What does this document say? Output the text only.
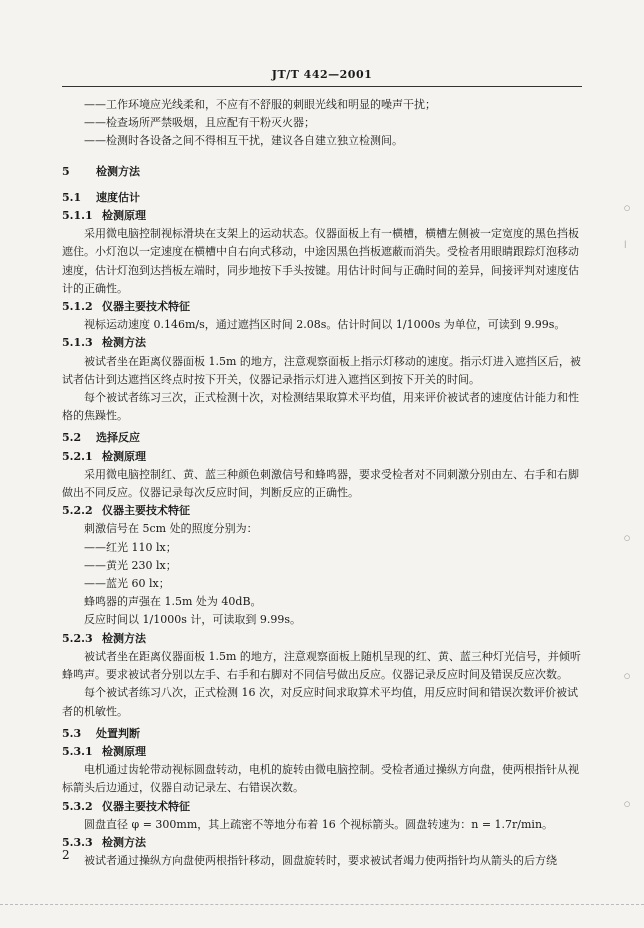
JT/T 442—2001

——工作环境应光线柔和，不应有不舒服的刺眼光线和明显的噪声干扰；

——检查场所严禁吸烟，且应配有干粉灭火器；

——检测时各设备之间不得相互干扰，建议各自建立独立检测间。

5 检测方法

5.1 速度估计

5.1.1 检测原理

采用微电脑控制视标滑块在支架上的运动状态。仪器面板上有一横槽，横槽左侧被一定宽度的黑色挡板遮住。小灯泡以一定速度在横槽中自右向式移动，中途因黑色挡板遮蔽而消失。受检者用眼睛跟踪灯泡移动速度，估计灯泡到达挡板左端时，同步地按下手头按键。用估计时间与正确时间的差异，间接评判对速度估计的正确性。

5.1.2 仪器主要技术特征

视标运动速度 0.146m/s，通过遮挡区时间 2.08s。估计时间以 1/1000s 为单位，可读到 9.99s。

5.1.3 检测方法

被试者坐在距离仪器面板 1.5m 的地方，注意观察面板上指示灯移动的速度。指示灯进入遮挡区后，被试者估计到达遮挡区终点时按下开关，仪器记录指示灯进入遮挡区到按下开关的时间。

每个被试者练习三次，正式检测十次，对检测结果取算术平均值，用来评价被试者的速度估计能力和性格的焦躁性。

5.2 选择反应

5.2.1 检测原理

采用微电脑控制红、黄、蓝三种颜色刺激信号和蜂鸣器，要求受检者对不同刺激分别由左、右手和右脚做出不同反应。仪器记录每次反应时间，判断反应的正确性。

5.2.2 仪器主要技术特征

刺激信号在 5cm 处的照度分别为：

——红光 110 lx；

——黄光 230 lx；

——蓝光 60 lx；

蜂鸣器的声强在 1.5m 处为 40dB。

反应时间以 1/1000s 计，可读取到 9.99s。

5.2.3 检测方法

被试者坐在距离仪器面板 1.5m 的地方，注意观察面板上随机呈现的红、黄、蓝三种灯光信号，并倾听蜂鸣声。要求被试者分别以左手、右手和右脚对不同信号做出反应。仪器记录反应时间及错误反应次数。

每个被试者练习八次，正式检测 16 次，对反应时间求取算术平均值，用反应时间和错误次数评价被试者的机敏性。

5.3 处置判断

5.3.1 检测原理

电机通过齿轮带动视标圆盘转动，电机的旋转由微电脑控制。受检者通过操纵方向盘，使两根指针从视标箭头后边通过，仪器自动记录左、右错误次数。

5.3.2 仪器主要技术特征

圆盘直径 φ = 300mm，其上疏密不等地分布着 16 个视标箭头。圆盘转速为：n = 1.7r/min。

5.3.3 检测方法

被试者通过操纵方向盘使两根指针移动，圆盘旋转时，要求被试者竭力使两指针均从箭头的后方绕

2
○
|
○
○
○
